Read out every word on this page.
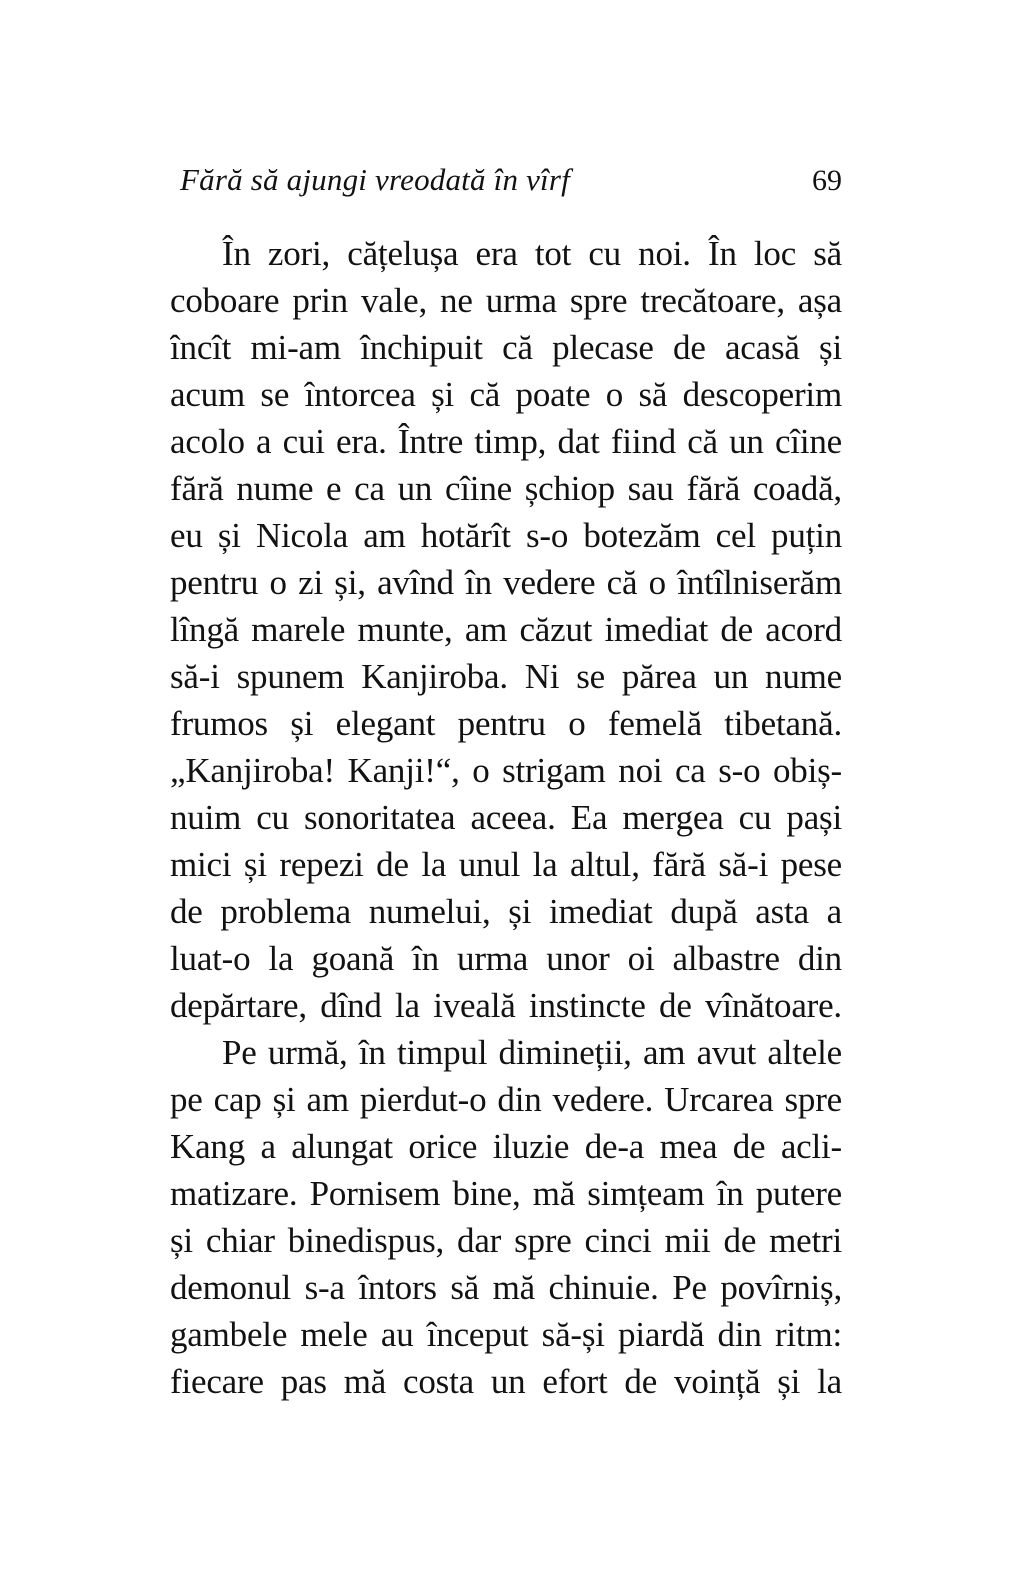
Fără să ajungi vreodată în vîrf	69
În zori, cățelușa era tot cu noi. În loc să
coboare prin vale, ne urma spre trecătoare, așa
încît mi-am închipuit că plecase de acasă și
acum se întorcea și că poate o să descoperim
acolo a cui era. Între timp, dat fiind că un cîine
fără nume e ca un cîine șchiop sau fără coadă,
eu și Nicola am hotărît s-o botezăm cel puțin
pentru o zi și, avînd în vedere că o întîlniserăm
lîngă marele munte, am căzut imediat de acord
să-i spunem Kanjiroba. Ni se părea un nume
frumos și elegant pentru o femelă tibetană.
„Kanjiroba! Kanji!“, o strigam noi ca s-o obiș-
nuim cu sonoritatea aceea. Ea mergea cu pași
mici și repezi de la unul la altul, fără să-i pese
de problema numelui, și imediat după asta a
luat-o la goană în urma unor oi albastre din
depărtare, dînd la iveală instincte de vînătoare.
Pe urmă, în timpul dimineții, am avut altele
pe cap și am pierdut-o din vedere. Urcarea spre
Kang a alungat orice iluzie de-a mea de acli-
matizare. Pornisem bine, mă simțeam în putere
și chiar binedispus, dar spre cinci mii de metri
demonul s-a întors să mă chinuie. Pe povîrniș,
gambele mele au început să-și piardă din ritm:
fiecare pas mă costa un efort de voință și la
